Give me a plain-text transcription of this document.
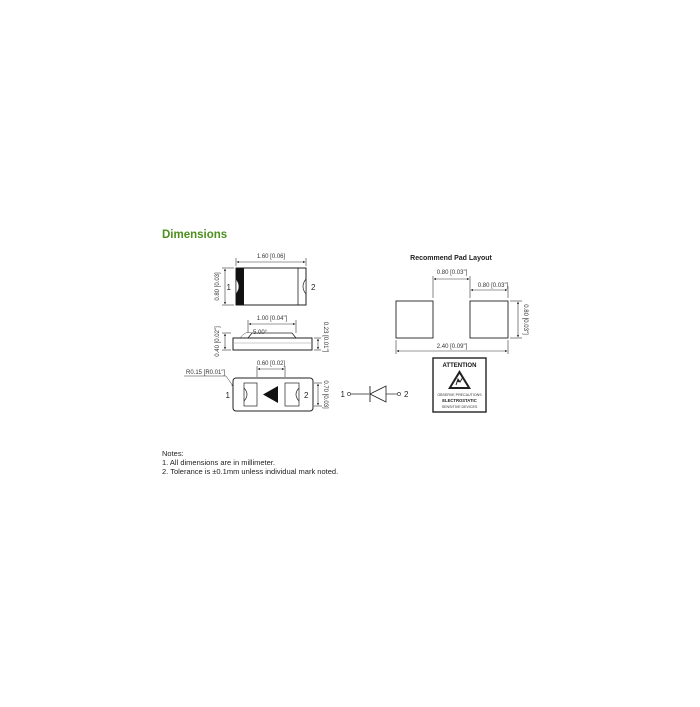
Dimensions
1.60 [0.06]
0.80 [0.03] 1	2
1.00 [0.04"]
5.00°
0.40 [0.02"]	0.23 [0.01"]
0.60 [0.02]
R0.15 [R0.01"]
1	2 0.70 [0.03]
Recommend Pad Layout
0.80 [0.03"]
0.80 [0.03"]
0.80 [0.03"]
2.40 [0.09"]
1	2
ATTENTION
OBSERVE PRECAUTIONS
ELECTROSTATIC
SENSITIVE DEVICES
Notes:
1. All dimensions are in millimeter.
2. Tolerance is ±0.1mm unless individual mark noted.
